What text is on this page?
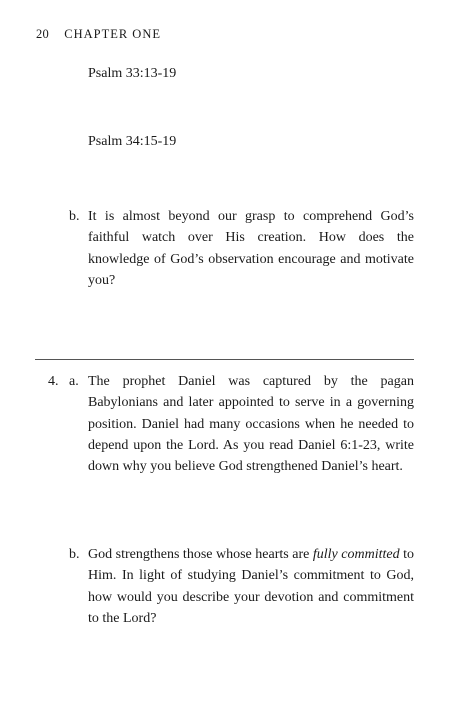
20 CHAPTER ONE
Psalm 33:13-19
Psalm 34:15-19
b. It is almost beyond our grasp to comprehend God’s faithful watch over His creation. How does the knowledge of God’s observation encourage and motivate you?
4. a. The prophet Daniel was captured by the pagan Babylonians and later appointed to serve in a governing position. Daniel had many occasions when he needed to depend upon the Lord. As you read Daniel 6:1-23, write down why you believe God strengthened Daniel’s heart.
b. God strengthens those whose hearts are fully committed to Him. In light of studying Daniel’s commitment to God, how would you describe your devotion and commitment to the Lord?
